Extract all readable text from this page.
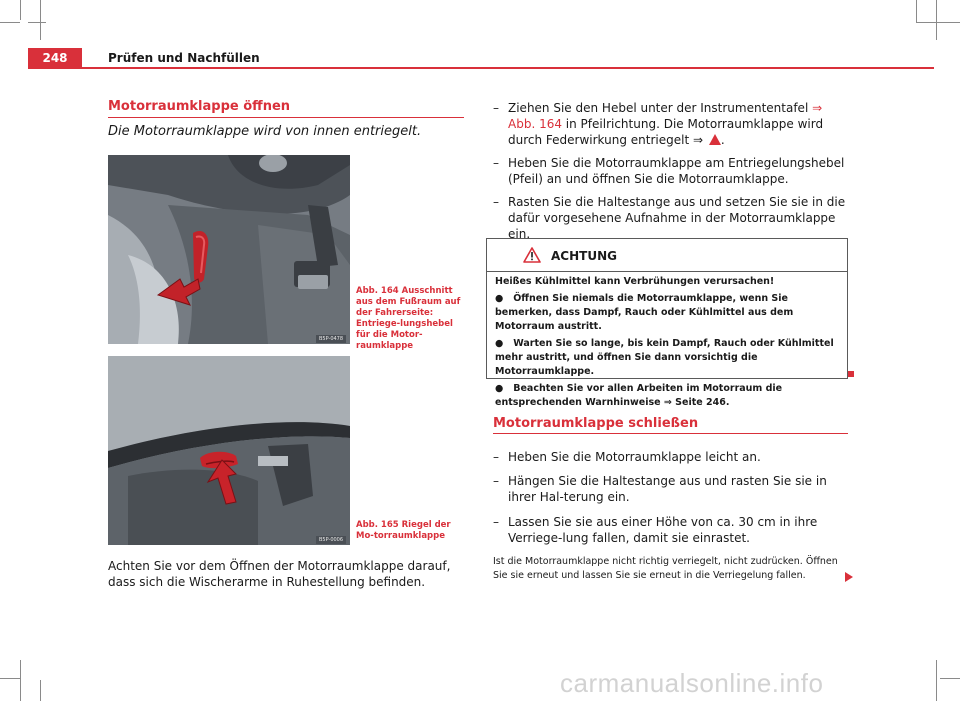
248	Prüfen und Nachfüllen
Motorraumklappe öffnen
Die Motorraumklappe wird von innen entriegelt.
B5P-0478
Abb. 164 Ausschnitt aus dem Fußraum auf der Fahrerseite: Entriege-lungshebel für die Motor-raumklappe
B5P-0006
Abb. 165 Riegel der Mo-torraumklappe
Achten Sie vor dem Öffnen der Motorraumklappe darauf, dass sich die Wischerarme in Ruhestellung befinden.
– Ziehen Sie den Hebel unter der Instrumententafel ⇒ Abb. 164 in Pfeilrichtung. Die Motorraumklappe wird durch Federwirkung entriegelt ⇒ .
– Heben Sie die Motorraumklappe am Entriegelungshebel (Pfeil) an und öffnen Sie die Motorraumklappe.
– Rasten Sie die Haltestange aus und setzen Sie sie in die dafür vorgesehene Aufnahme in der Motorraumklappe ein.
ACHTUNG

Heißes Kühlmittel kann Verbrühungen verursachen!

● Öffnen Sie niemals die Motorraumklappe, wenn Sie bemerken, dass Dampf, Rauch oder Kühlmittel aus dem Motorraum austritt.

● Warten Sie so lange, bis kein Dampf, Rauch oder Kühlmittel mehr austritt, und öffnen Sie dann vorsichtig die Motorraumklappe.

● Beachten Sie vor allen Arbeiten im Motorraum die entsprechenden Warnhinweise ⇒ Seite 246.

Motorraumklappe schließen
– Heben Sie die Motorraumklappe leicht an.
– Hängen Sie die Haltestange aus und rasten Sie sie in ihrer Hal-terung ein.
– Lassen Sie sie aus einer Höhe von ca. 30 cm in ihre Verriege-lung fallen, damit sie einrastet.
Ist die Motorraumklappe nicht richtig verriegelt, nicht zudrücken. Öffnen Sie sie erneut und lassen Sie sie erneut in die Verriegelung fallen.
carmanualsonline.info
